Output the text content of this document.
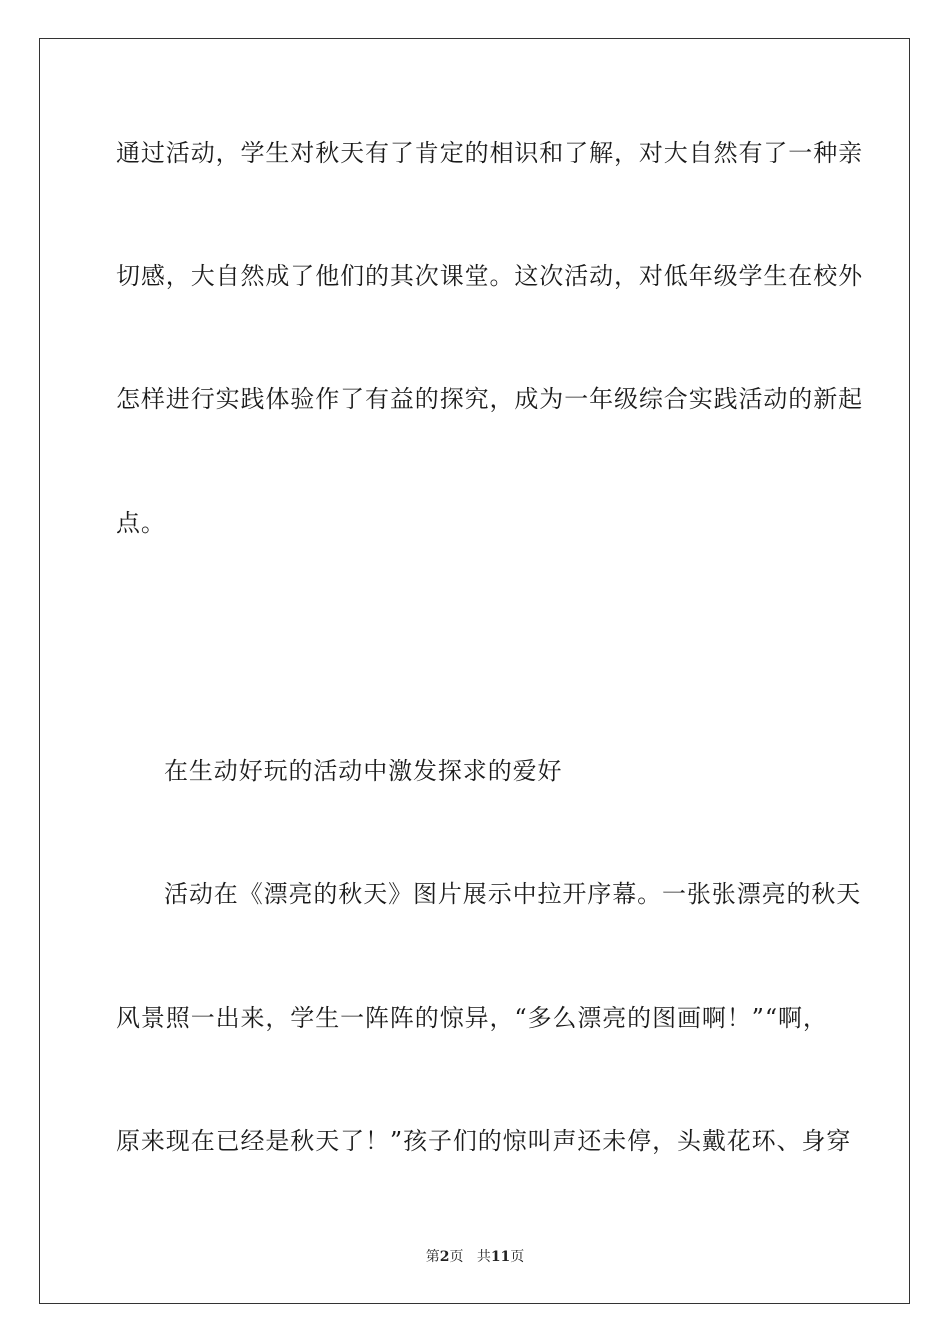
通过活动，学生对秋天有了肯定的相识和了解，对大自然有了一种亲
切感，大自然成了他们的其次课堂。这次活动，对低年级学生在校外
怎样进行实践体验作了有益的探究，成为一年级综合实践活动的新起
点。
在生动好玩的活动中激发探求的爱好
活动在《漂亮的秋天》图片展示中拉开序幕。一张张漂亮的秋天
风景照一出来，学生一阵阵的惊异，“多么漂亮的图画啊！”“啊，
原来现在已经是秋天了！”孩子们的惊叫声还未停，头戴花环、身穿
第2页 共11页
